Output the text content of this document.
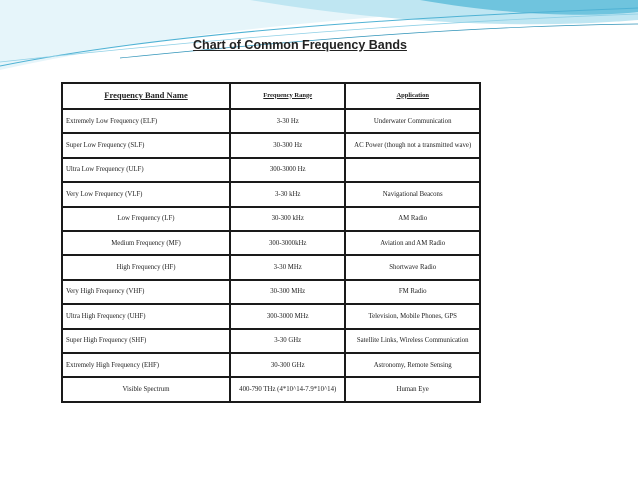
Chart of Common Frequency Bands
Frequency Band Name	Frequency Range	Application
Extremely Low Frequency (ELF)	3-30 Hz	Underwater Communication
Super Low Frequency (SLF)	30-300 Hz	AC Power (though not a transmitted wave)
Ultra Low Frequency (ULF)	300-3000 Hz	
Very Low Frequency (VLF)	3-30 kHz	Navigational Beacons
Low Frequency (LF)	30-300 kHz	AM Radio
Medium Frequency (MF)	300-3000kHz	Aviation and AM Radio
High Frequency (HF)	3-30 MHz	Shortwave Radio
Very High Frequency (VHF)	30-300 MHz	FM Radio
Ultra High Frequency (UHF)	300-3000 MHz	Television, Mobile Phones, GPS
Super High Frequency (SHF)	3-30 GHz	Satellite Links, Wireless Communication
Extremely High Frequency (EHF)	30-300 GHz	Astronomy, Remote Sensing
Visible Spectrum	400-790 THz (4*10^14-7.9*10^14)	Human Eye
